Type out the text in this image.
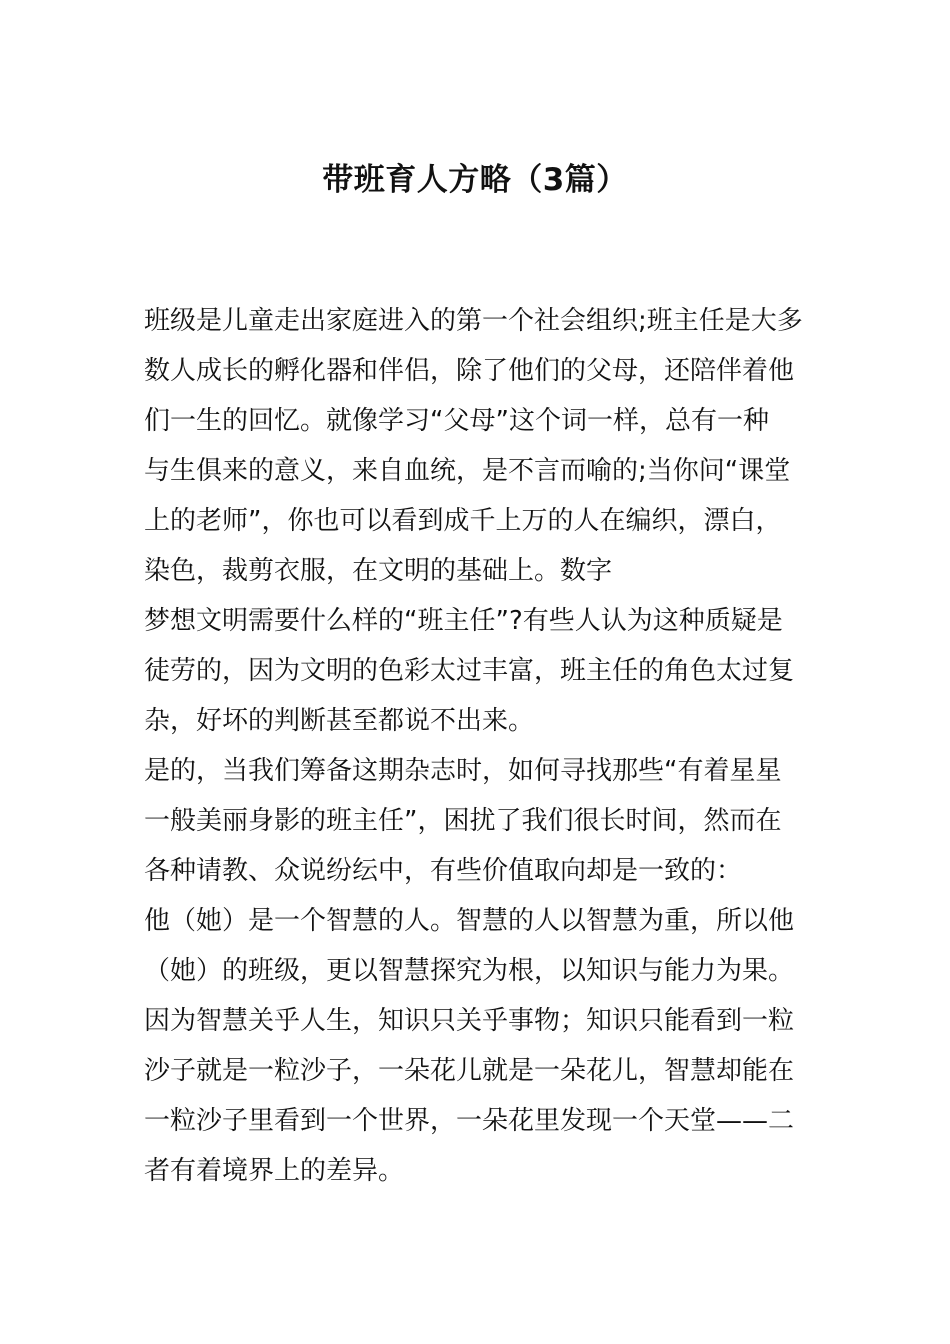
带班育人方略（3篇）
班级是儿童走出家庭进入的第一个社会组织;班主任是大多
数人成长的孵化器和伴侣，除了他们的父母，还陪伴着他
们一生的回忆。就像学习“父母”这个词一样，总有一种
与生俱来的意义，来自血统，是不言而喻的;当你问“课堂
上的老师”，你也可以看到成千上万的人在编织，漂白，
染色，裁剪衣服，在文明的基础上。数字
梦想文明需要什么样的“班主任”?有些人认为这种质疑是
徒劳的，因为文明的色彩太过丰富，班主任的角色太过复
杂，好坏的判断甚至都说不出来。
是的，当我们筹备这期杂志时，如何寻找那些“有着星星
一般美丽身影的班主任”，困扰了我们很长时间，然而在
各种请教、众说纷纭中，有些价值取向却是一致的：
他（她）是一个智慧的人。智慧的人以智慧为重，所以他
（她）的班级，更以智慧探究为根，以知识与能力为果。
因为智慧关乎人生，知识只关乎事物；知识只能看到一粒
沙子就是一粒沙子，一朵花儿就是一朵花儿，智慧却能在
一粒沙子里看到一个世界，一朵花里发现一个天堂——二
者有着境界上的差异。
